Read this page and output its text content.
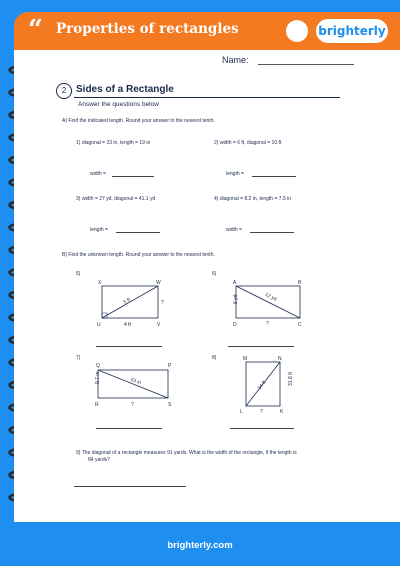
“ Properties of rectangles	brighterly
Name:
2 Sides of a Rectangle
Answer the questions below
A) Find the indicated length. Round your answer to the nearest tenth.
1) diagonal = 23 in, length = 19 in
width =
2) width = 6 ft, diagonal = 10 ft
length =
3) width = 27 yd, diagonal = 41.1 yd
length =
4) diagonal = 8.2 in, length = 7.5 in
width =
B) Find the unknown length. Round your answer to the nearest tenth.
5)	6)
X	W
U	V
5 ft
4 ft
?
A	B
D	C
12 yd
6 yd
?
7)	8)
Q	P
R	S
53 in
9.7 in
?
M	N
L	K
34 ft	31.8 ft
?
9) The diagonal of a rectangle measures 91 yards. What is the width of the rectangle, if the length is
84 yards?
brighterly.com
